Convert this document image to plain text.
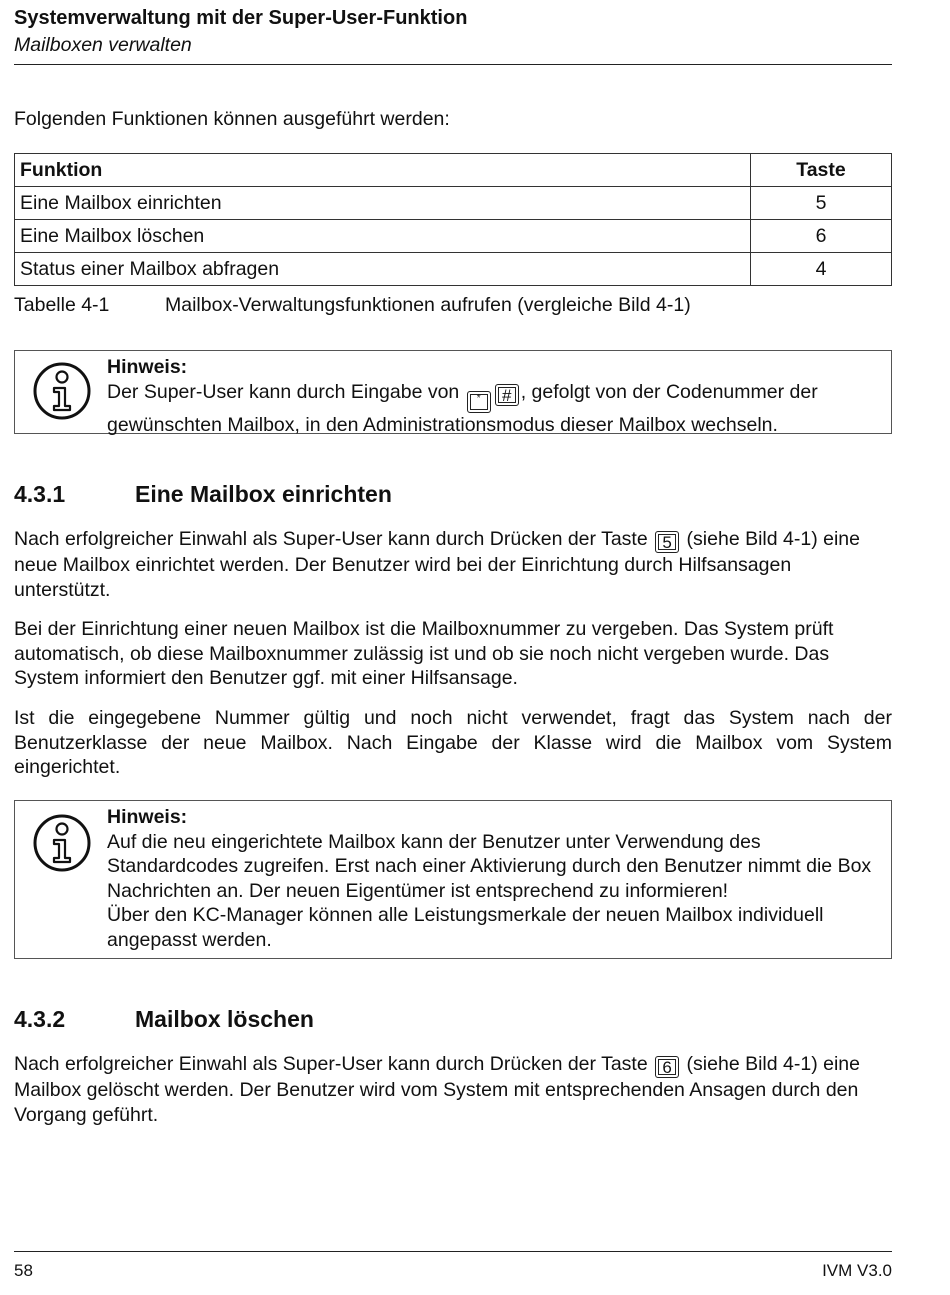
Systemverwaltung mit der Super-User-Funktion
Mailboxen verwalten
Folgenden Funktionen können ausgeführt werden:
Funktion	Taste
Eine Mailbox einrichten	5
Eine Mailbox löschen	6
Status einer Mailbox abfragen	4
Tabelle 4-1	Mailbox-Verwaltungsfunktionen aufrufen (vergleiche Bild 4-1)
Hinweis:
Der Super-User kann durch Eingabe von * # , gefolgt von der Codenummer der gewünschten Mailbox, in den Administrationsmodus dieser Mailbox wechseln.
4.3.1	Eine Mailbox einrichten
Nach erfolgreicher Einwahl als Super-User kann durch Drücken der Taste 5 (siehe Bild 4-1) eine neue Mailbox einrichtet werden. Der Benutzer wird bei der Einrichtung durch Hilfsansagen unterstützt.
Bei der Einrichtung einer neuen Mailbox ist die Mailboxnummer zu vergeben. Das System prüft automatisch, ob diese Mailboxnummer zulässig ist und ob sie noch nicht vergeben wurde. Das System informiert den Benutzer ggf. mit einer Hilfsansage.
Ist die eingegebene Nummer gültig und noch nicht verwendet, fragt das System nach der Benutzerklasse der neue Mailbox. Nach Eingabe der Klasse wird die Mailbox vom System eingerichtet.
Hinweis:
Auf die neu eingerichtete Mailbox kann der Benutzer unter Verwendung des Standardcodes zugreifen. Erst nach einer Aktivierung durch den Benutzer nimmt die Box Nachrichten an. Der neuen Eigentümer ist entsprechend zu informieren!
Über den KC-Manager können alle Leistungsmerkale der neuen Mailbox individuell angepasst werden.
4.3.2	Mailbox löschen
Nach erfolgreicher Einwahl als Super-User kann durch Drücken der Taste 6 (siehe Bild 4-1) eine Mailbox gelöscht werden. Der Benutzer wird vom System mit entsprechenden Ansagen durch den Vorgang geführt.
58	IVM V3.0
